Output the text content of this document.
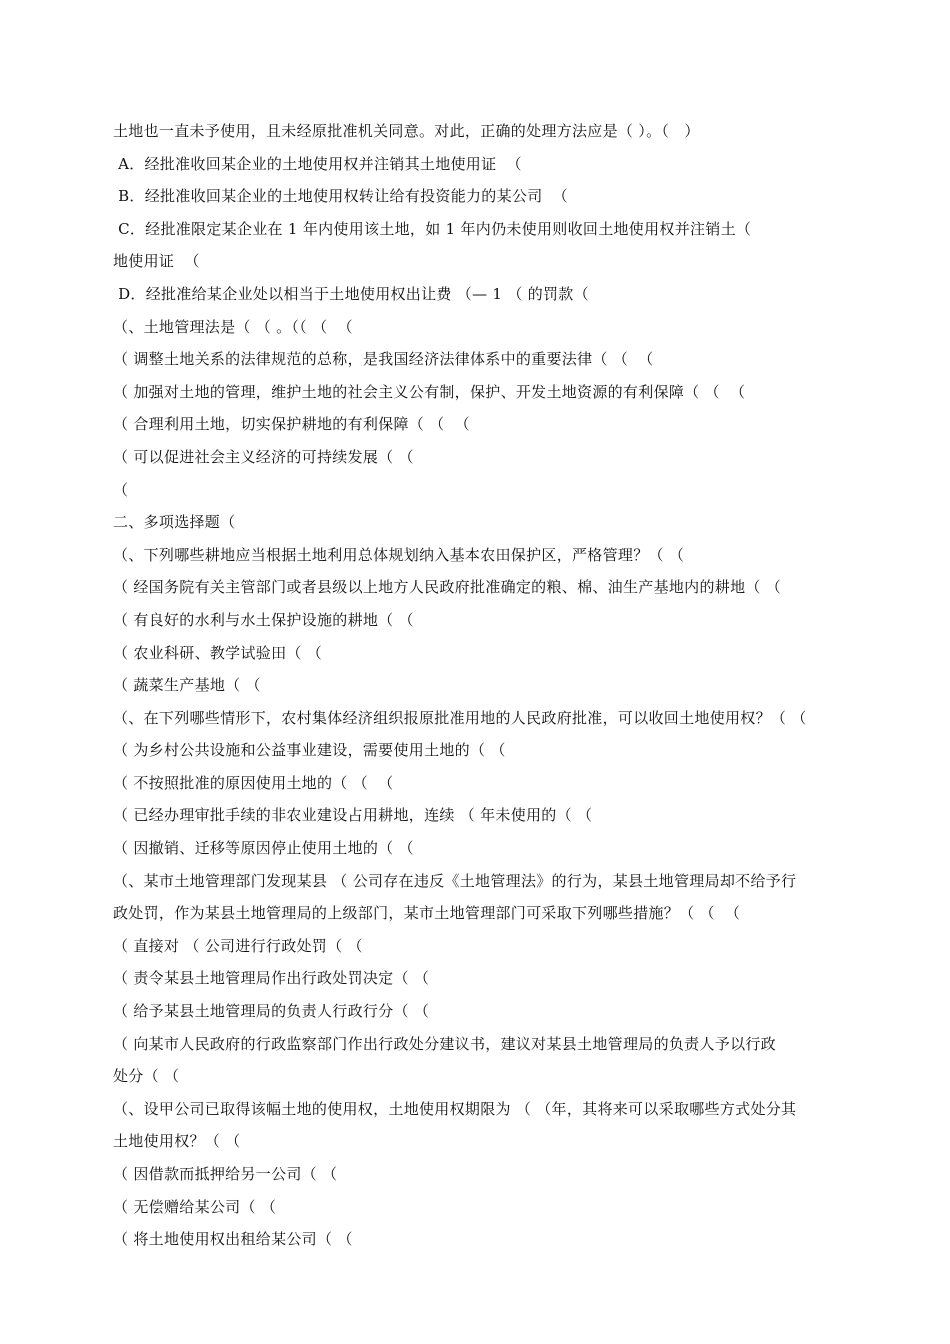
土地也一直未予使用，且未经原批准机关同意。对此，正确的处理方法应是（ ）。（   ）
A．经批准收回某企业的土地使用权并注销其土地使用证  （
B．经批准收回某企业的土地使用权转让给有投资能力的某公司  （
C．经批准限定某企业在 1 年内使用该土地，如 1 年内仍未使用则收回土地使用权并注销土（
地使用证  （
D．经批准给某企业处以相当于土地使用权出让费 （— 1 （ 的罚款（
（、土地管理法是（ （ 。（（ （  （
（ 调整土地关系的法律规范的总称，是我国经济法律体系中的重要法律（ （  （
（ 加强对土地的管理，维护土地的社会主义公有制，保护、开发土地资源的有利保障（ （  （
（ 合理利用土地，切实保护耕地的有利保障（ （  （
（ 可以促进社会主义经济的可持续发展（ （
（
二、多项选择题（
（、下列哪些耕地应当根据土地利用总体规划纳入基本农田保护区，严格管理？（ （
（ 经国务院有关主管部门或者县级以上地方人民政府批准确定的粮、棉、油生产基地内的耕地（ （
（ 有良好的水利与水土保护设施的耕地（ （
（ 农业科研、教学试验田（ （
（ 蔬菜生产基地（ （
（、在下列哪些情形下，农村集体经济组织报原批准用地的人民政府批准，可以收回土地使用权？（ （
（ 为乡村公共设施和公益事业建设，需要使用土地的（ （
（ 不按照批准的原因使用土地的（ （  （
（ 已经办理审批手续的非农业建设占用耕地，连续 （ 年未使用的（ （
（ 因撤销、迁移等原因停止使用土地的（ （
（、某市土地管理部门发现某县 （ 公司存在违反《土地管理法》的行为，某县土地管理局却不给予行
政处罚，作为某县土地管理局的上级部门，某市土地管理部门可采取下列哪些措施？（ （  （
（ 直接对 （ 公司进行行政处罚（ （
（ 责令某县土地管理局作出行政处罚决定（ （
（ 给予某县土地管理局的负责人行政行分（ （
（ 向某市人民政府的行政监察部门作出行政处分建议书，建议对某县土地管理局的负责人予以行政
处分（ （
（、设甲公司已取得该幅土地的使用权，土地使用权期限为 （ （年，其将来可以采取哪些方式处分其
土地使用权？（ （
（ 因借款而抵押给另一公司（ （
（ 无偿赠给某公司（ （
（ 将土地使用权出租给某公司（ （
